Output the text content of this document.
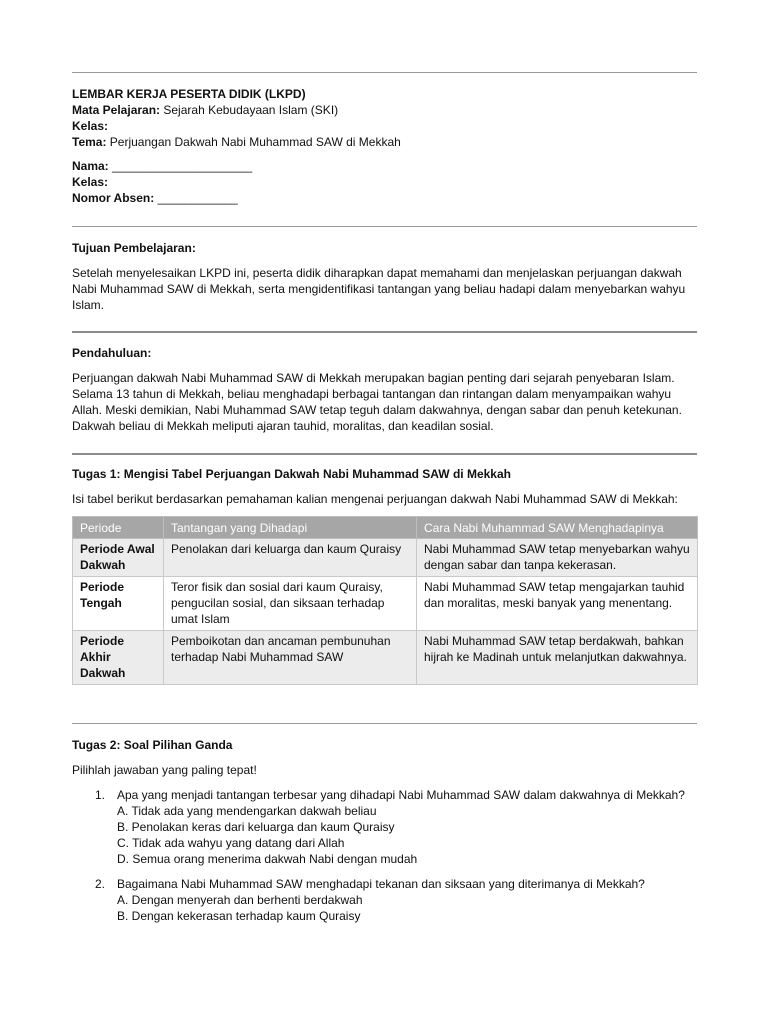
LEMBAR KERJA PESERTA DIDIK (LKPD)

Mata Pelajaran: Sejarah Kebudayaan Islam (SKI)

Kelas:

Tema: Perjuangan Dakwah Nabi Muhammad SAW di Mekkah

Nama: _____________________

Kelas:

Nomor Absen: ____________

Tujuan Pembelajaran:

Setelah menyelesaikan LKPD ini, peserta didik diharapkan dapat memahami dan menjelaskan perjuangan dakwah Nabi Muhammad SAW di Mekkah, serta mengidentifikasi tantangan yang beliau hadapi dalam menyebarkan wahyu Islam.

Pendahuluan:

Perjuangan dakwah Nabi Muhammad SAW di Mekkah merupakan bagian penting dari sejarah penyebaran Islam. Selama 13 tahun di Mekkah, beliau menghadapi berbagai tantangan dan rintangan dalam menyampaikan wahyu Allah. Meski demikian, Nabi Muhammad SAW tetap teguh dalam dakwahnya, dengan sabar dan penuh ketekunan. Dakwah beliau di Mekkah meliputi ajaran tauhid, moralitas, dan keadilan sosial.

Tugas 1: Mengisi Tabel Perjuangan Dakwah Nabi Muhammad SAW di Mekkah

Isi tabel berikut berdasarkan pemahaman kalian mengenai perjuangan dakwah Nabi Muhammad SAW di Mekkah:

Periode	Tantangan yang Dihadapi	Cara Nabi Muhammad SAW Menghadapinya
Periode Awal Dakwah	Penolakan dari keluarga dan kaum Quraisy	Nabi Muhammad SAW tetap menyebarkan wahyu dengan sabar dan tanpa kekerasan.
Periode Tengah	Teror fisik dan sosial dari kaum Quraisy, pengucilan sosial, dan siksaan terhadap umat Islam	Nabi Muhammad SAW tetap mengajarkan tauhid dan moralitas, meski banyak yang menentang.
Periode Akhir Dakwah	Pemboikotan dan ancaman pembunuhan terhadap Nabi Muhammad SAW	Nabi Muhammad SAW tetap berdakwah, bahkan hijrah ke Madinah untuk melanjutkan dakwahnya.

Tugas 2: Soal Pilihan Ganda

Pilihlah jawaban yang paling tepat!

1. Apa yang menjadi tantangan terbesar yang dihadapi Nabi Muhammad SAW dalam dakwahnya di Mekkah?
A. Tidak ada yang mendengarkan dakwah beliau
B. Penolakan keras dari keluarga dan kaum Quraisy
C. Tidak ada wahyu yang datang dari Allah
D. Semua orang menerima dakwah Nabi dengan mudah
2. Bagaimana Nabi Muhammad SAW menghadapi tekanan dan siksaan yang diterimanya di Mekkah?
A. Dengan menyerah dan berhenti berdakwah
B. Dengan kekerasan terhadap kaum Quraisy
